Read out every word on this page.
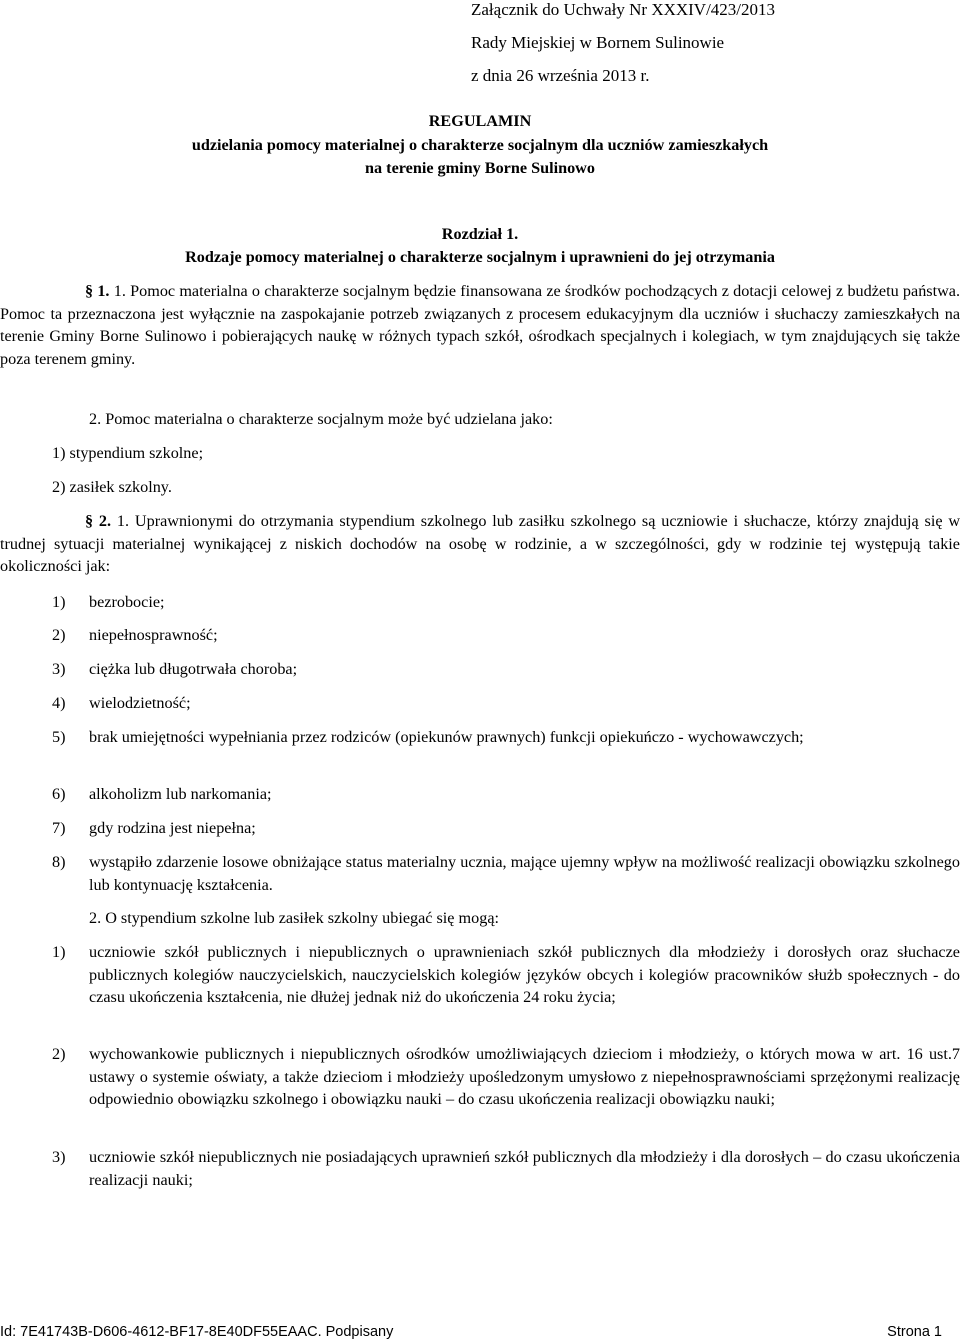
Załącznik do Uchwały Nr XXXIV/423/2013
Rady Miejskiej w Bornem Sulinowie
z dnia 26 września 2013 r.
REGULAMIN
udzielania pomocy materialnej o charakterze socjalnym dla uczniów zamieszkałych
na terenie gminy Borne Sulinowo
Rozdział 1.
Rodzaje pomocy materialnej o charakterze socjalnym i uprawnieni do jej otrzymania
§ 1. 1. Pomoc materialna o charakterze socjalnym będzie finansowana ze środków pochodzących z dotacji celowej z budżetu państwa. Pomoc ta przeznaczona jest wyłącznie na zaspokajanie potrzeb związanych z procesem edukacyjnym dla uczniów i słuchaczy zamieszkałych na terenie Gminy Borne Sulinowo i pobierających naukę w różnych typach szkół, ośrodkach specjalnych i kolegiach, w tym znajdujących się także poza terenem gminy.
2. Pomoc materialna o charakterze socjalnym może być udzielana jako:
1) stypendium szkolne;
2) zasiłek szkolny.
§ 2. 1. Uprawnionymi do otrzymania stypendium szkolnego lub zasiłku szkolnego są uczniowie i słuchacze, którzy znajdują się w trudnej sytuacji materialnej wynikającej z niskich dochodów na osobę w rodzinie, a w szczególności, gdy w rodzinie tej występują takie okoliczności jak:
1) bezrobocie;
2) niepełnosprawność;
3) ciężka lub długotrwała choroba;
4) wielodzietność;
5) brak umiejętności wypełniania przez rodziców (opiekunów prawnych) funkcji opiekuńczo - wychowawczych;
6) alkoholizm lub narkomania;
7) gdy rodzina jest niepełna;
8) wystąpiło zdarzenie losowe obniżające status materialny ucznia, mające ujemny wpływ na możliwość realizacji obowiązku szkolnego lub kontynuację kształcenia.
2. O stypendium szkolne lub zasiłek szkolny ubiegać się mogą:
1) uczniowie szkół publicznych i niepublicznych o uprawnieniach szkół publicznych dla młodzieży i dorosłych oraz słuchacze publicznych kolegiów nauczycielskich, nauczycielskich kolegiów języków obcych i kolegiów pracowników służb społecznych - do czasu ukończenia kształcenia, nie dłużej jednak niż do ukończenia 24 roku życia;
2) wychowankowie publicznych i niepublicznych ośrodków umożliwiających dzieciom i młodzieży, o których mowa w art. 16 ust.7 ustawy o systemie oświaty, a także dzieciom i młodzieży upośledzonym umysłowo z niepełnosprawnościami sprzężonymi realizację odpowiednio obowiązku szkolnego i obowiązku nauki – do czasu ukończenia realizacji obowiązku nauki;
3) uczniowie szkół niepublicznych nie posiadających uprawnień szkół publicznych dla młodzieży i dla dorosłych – do czasu ukończenia realizacji nauki;
Id: 7E41743B-D606-4612-BF17-8E40DF55EAAC. Podpisany	Strona 1
